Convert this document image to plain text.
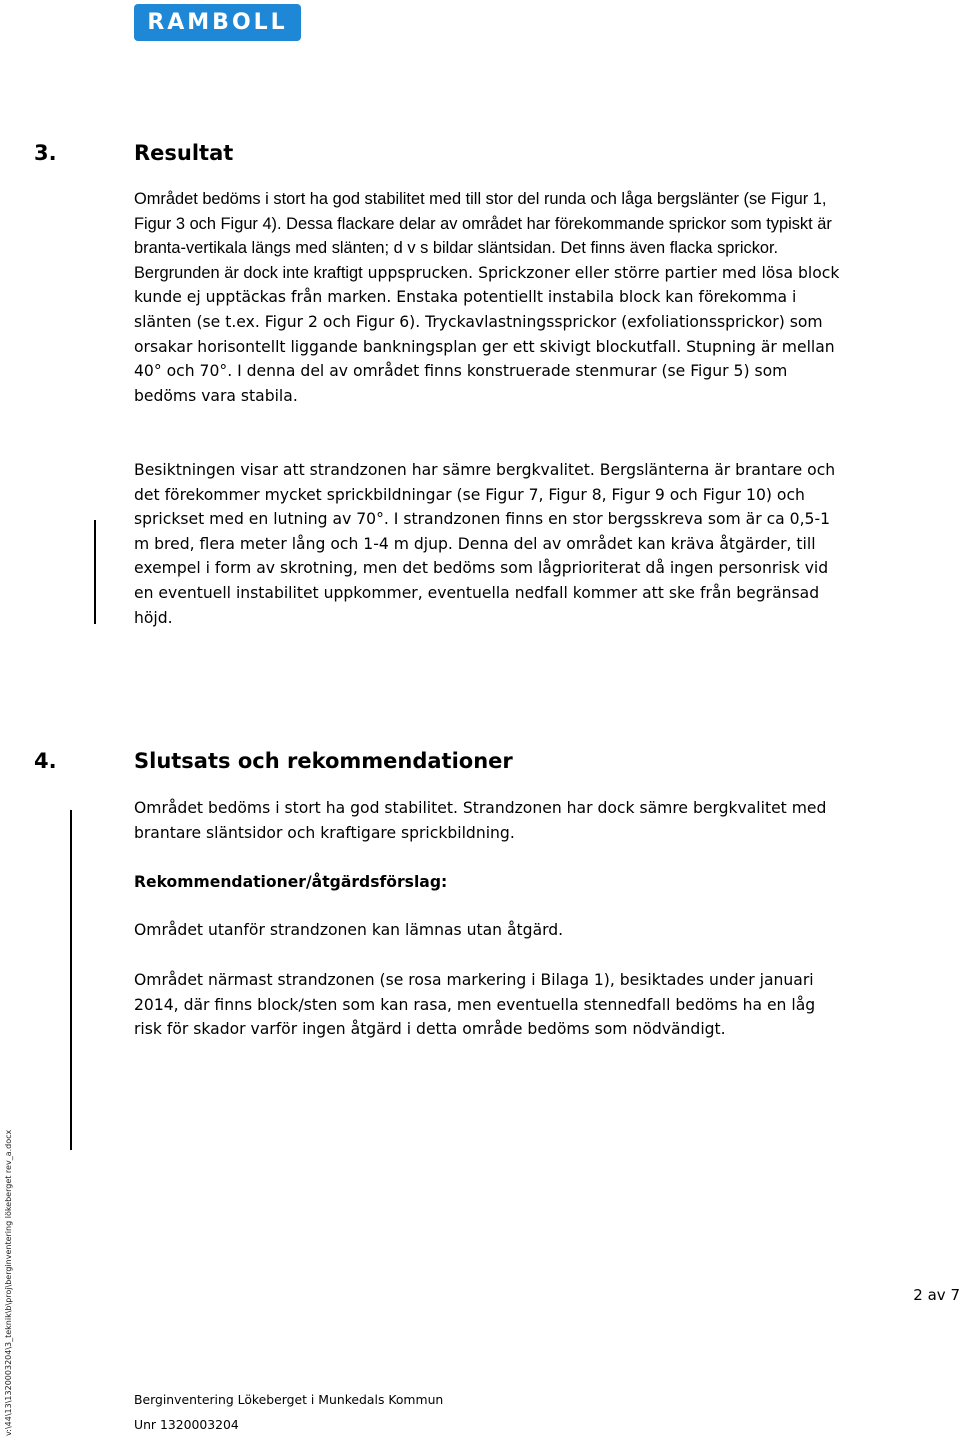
RAMBOLL
3.	Resultat

Området bedöms i stort ha god stabilitet med till stor del runda och låga bergslänter (se Figur 1, Figur 3 och Figur 4). Dessa flackare delar av området har förekommande sprickor som typiskt är branta-vertikala längs med slänten; d v s bildar släntsidan. Det finns även flacka sprickor. Bergrunden är dock inte kraftigt uppsprucken. Sprickzoner eller större partier med lösa block kunde ej upptäckas från marken. Enstaka potentiellt instabila block kan förekomma i slänten (se t.ex. Figur 2 och Figur 6). Tryckavlastningssprickor (exfoliationssprickor) som orsakar horisontellt liggande bankningsplan ger ett skivigt blockutfall. Stupning är mellan 40° och 70°. I denna del av området finns konstruerade stenmurar (se Figur 5) som bedöms vara stabila.

Besiktningen visar att strandzonen har sämre bergkvalitet. Bergslänterna är brantare och det förekommer mycket sprickbildningar (se Figur 7, Figur 8, Figur 9 och Figur 10) och sprickset med en lutning av 70°. I strandzonen finns en stor bergsskreva som är ca 0,5-1 m bred, flera meter lång och 1-4 m djup. Denna del av området kan kräva åtgärder, till exempel i form av skrotning, men det bedöms som lågprioriterat då ingen personrisk vid en eventuell instabilitet uppkommer, eventuella nedfall kommer att ske från begränsad höjd.

4.	Slutsats och rekommendationer

Området bedöms i stort ha god stabilitet. Strandzonen har dock sämre bergkvalitet med brantare släntsidor och kraftigare sprickbildning.

Rekommendationer/åtgärdsförslag:

Området utanför strandzonen kan lämnas utan åtgärd.

Området närmast strandzonen (se rosa markering i Bilaga 1), besiktades under januari 2014, där finns block/sten som kan rasa, men eventuella stennedfall bedöms ha en låg risk för skador varför ingen åtgärd i detta område bedöms som nödvändigt.

v:\44\13\1320003204\3_teknik\b\proj\berginventering lökeberget rev_a.docx	2 av 7
Berginventering Lökeberget i Munkedals Kommun
Unr 1320003204
